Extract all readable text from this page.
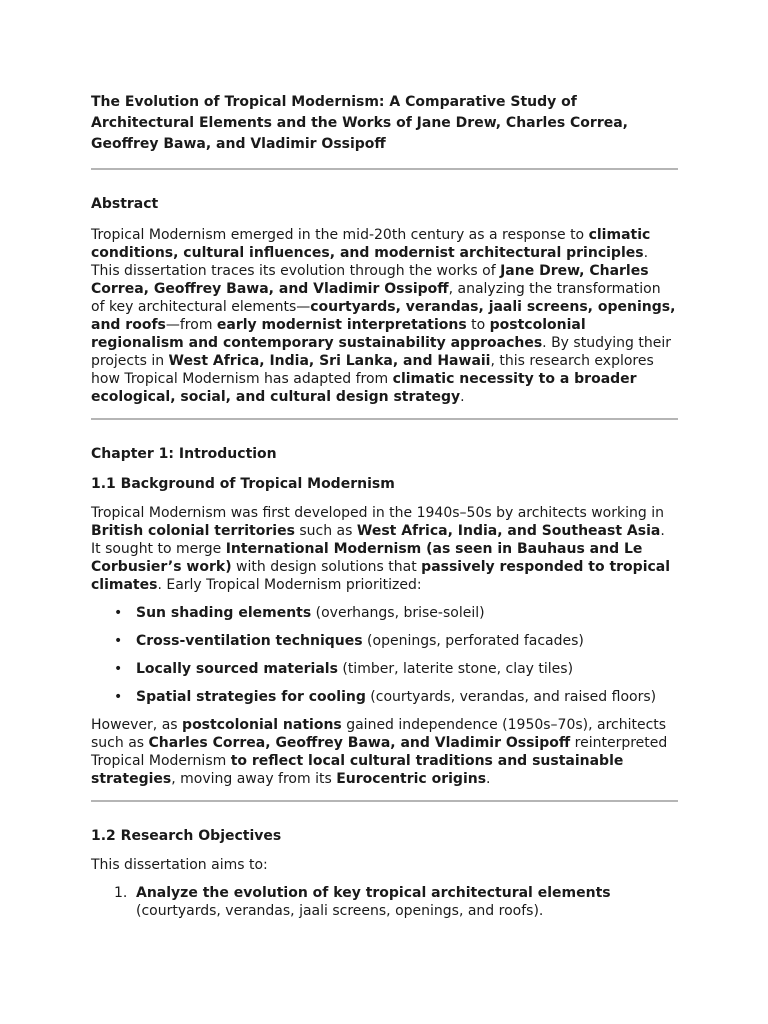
The Evolution of Tropical Modernism: A Comparative Study of Architectural Elements and the Works of Jane Drew, Charles Correa, Geoffrey Bawa, and Vladimir Ossipoff
Abstract

Tropical Modernism emerged in the mid-20th century as a response to climatic conditions, cultural influences, and modernist architectural principles. This dissertation traces its evolution through the works of Jane Drew, Charles Correa, Geoffrey Bawa, and Vladimir Ossipoff, analyzing the transformation of key architectural elements—courtyards, verandas, jaali screens, openings, and roofs—from early modernist interpretations to postcolonial regionalism and contemporary sustainability approaches. By studying their projects in West Africa, India, Sri Lanka, and Hawaii, this research explores how Tropical Modernism has adapted from climatic necessity to a broader ecological, social, and cultural design strategy.

Chapter 1: Introduction
1.1 Background of Tropical Modernism

Tropical Modernism was first developed in the 1940s–50s by architects working in British colonial territories such as West Africa, India, and Southeast Asia. It sought to merge International Modernism (as seen in Bauhaus and Le Corbusier’s work) with design solutions that passively responded to tropical climates. Early Tropical Modernism prioritized:

• Sun shading elements (overhangs, brise-soleil)
• Cross-ventilation techniques (openings, perforated facades)
• Locally sourced materials (timber, laterite stone, clay tiles)
• Spatial strategies for cooling (courtyards, verandas, and raised floors)

However, as postcolonial nations gained independence (1950s–70s), architects such as Charles Correa, Geoffrey Bawa, and Vladimir Ossipoff reinterpreted Tropical Modernism to reflect local cultural traditions and sustainable strategies, moving away from its Eurocentric origins.

1.2 Research Objectives

This dissertation aims to:

1. Analyze the evolution of key tropical architectural elements (courtyards, verandas, jaali screens, openings, and roofs).
